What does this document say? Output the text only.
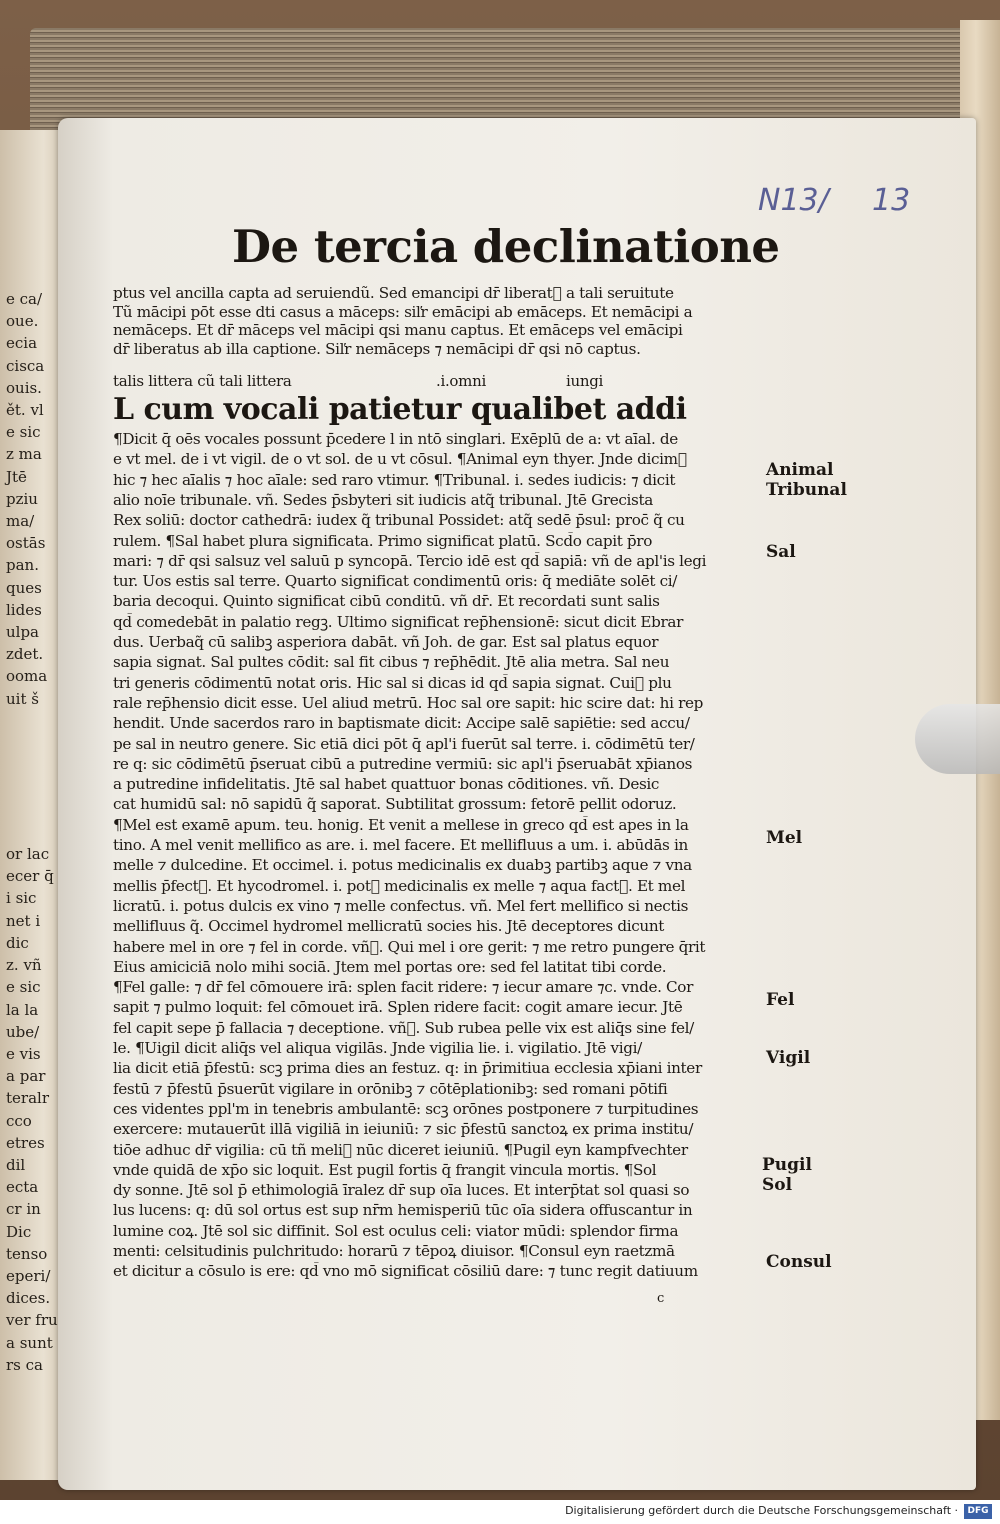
e ca/
oue.
ecia
cisca
ouis.
ět. vl
e sic
z ma
Jtē
pziu
ma/
ostās
pan.
ques
lides
ulpa
zdet.
ooma
uit š

or lac
ecer q̄
i sic
net i
dic
z. vñ
e sic
la la
ube/
e vis
a par
teralr
cco
etres
dil
ecta
cr in
Dic
tenso
eperi/
dices.
ver fru
a sunt
rs ca
N13/ 13
De tercia declinatione
ptus vel ancilla capta ad seruiendũ. Sed emancipi dr̄ liberat᷒ a tali seruitute
Tũ mācipi pōt esse dti casus a māceps: siľr emācipi ab emāceps. Et nemācipi a
nemāceps. Et dr̄ māceps vel mācipi qsi manu captus. Et emāceps vel emācipi
dr̄ liberatus ab illa captione. Siľr nemāceps ⁊ nemācipi dr̄ qsi nō captus.
talis littera cũ tali littera	.i.omni	iungi
L cum vocali patietur qualibet addi
¶Dicit q̄ oēs vocales possunt p̄cedere l in ntō singlari. Exēplū de a: vt aīal. de
e vt mel. de i vt vigil. de o vt sol. de u vt cōsul. ¶Animal eyn thyer. Jnde dicim᷒
hic ⁊ hec aīalis ⁊ hoc aīale: sed raro vtimur. ¶Tribunal. i. sedes iudicis: ⁊ dicit
alio noīe tribunale. vñ. Sedes p̄sbyteri sit iudicis atq̃ tribunal. Jtē Grecista
Rex soliū: doctor cathedrā: iudex q̃ tribunal Possidet: atq̃ sedē p̄sul: proc̄ q̃ cu
rulem. ¶Sal habet plura significata. Primo significat platū. Scd̄o capit p̄ro
mari: ⁊ dr̄ qsi salsuz vel saluū p syncopā. Tercio idē est qd̄ sapiā: vñ de apl'is legi
tur. Uos estis sal terre. Quarto significat condimentū oris: q̄ mediāte solēt ci/
baria decoqui. Quinto significat cibū conditū. vñ dr̄. Et recordati sunt salis
qd̄ comedebāt in palatio regꝫ. Ultimo significat rep̄hensionē: sicut dicit Ebrar
dus. Uerbaq̃ cū salibꝫ asperiora dabāt. vñ Joh. de gar. Est sal platus equor
sapia signat. Sal pultes cōdit: sal fit cibus ⁊ rep̄hēdit. Jtē alia metra. Sal neu
tri generis cōdimentū notat oris. Hic sal si dicas id qd̄ sapia signat. Cui᷒ plu
rale rep̄hensio dicit esse. Uel aliud metrū. Hoc sal ore sapit: hic scire dat: hi rep
hendit. Unde sacerdos raro in baptismate dicit: Accipe salē sapiētie: sed accu/
pe sal in neutro genere. Sic etiā dici pōt q̄ apl'i fuerūt sal terre. i. cōdimētū ter/
re q: sic cōdimētū p̄seruat cibū a putredine vermiū: sic apl'i p̄seruabāt xp̄ianos
a putredine infidelitatis. Jtē sal habet quattuor bonas cōditiones. vñ. Desic
cat humidū sal: nō sapidū q̃ saporat. Subtilitat grossum: fetorē pellit odoruz.
¶Mel est examē apum. teu. honig. Et venit a mellese in greco qd̄ est apes in la
tino. A mel venit mellifico as are. i. mel facere. Et mellifluus a um. i. abūdās in
melle ⁊ dulcedine. Et occimel. i. potus medicinalis ex duabꝫ partibꝫ aque ⁊ vna
mellis p̄fect᷒. Et hycodromel. i. pot᷒ medicinalis ex melle ⁊ aqua fact᷒. Et mel
licratū. i. potus dulcis ex vino ⁊ melle confectus. vñ. Mel fert mellifico si nectis
mellifluus q̃. Occimel hydromel mellicratū socies his. Jtē deceptores dicunt
habere mel in ore ⁊ fel in corde. vñ᷒. Qui mel i ore gerit: ⁊ me retro pungere q̄rit
Eius amiciciā nolo mihi sociā. Jtem mel portas ore: sed fel latitat tibi corde.
¶Fel galle: ⁊ dr̄ fel cōmouere irā: splen facit ridere: ⁊ iecur amare ⁊c. vnde. Cor
sapit ⁊ pulmo loquit: fel cōmouet irā. Splen ridere facit: cogit amare iecur. Jtē
fel capit sepe p̄ fallacia ⁊ deceptione. vñ᷒. Sub rubea pelle vix est aliq̄s sine fel/
le. ¶Uigil dicit aliq̄s vel aliqua vigilās. Jnde vigilia lie. i. vigilatio. Jtē vigi/
lia dicit etiā p̄festū: scꝫ prima dies an festuz. q: in p̄rimitiua ecclesia xp̄iani inter
festū ⁊ p̄festū p̄suerūt vigilare in orōnibꝫ ⁊ cōtēplationibꝫ: sed romani pōtifi
ces videntes ppl'm in tenebris ambulantē: scꝫ orōnes postponere ⁊ turpitudines
exercere: mutauerūt illā vigiliā in ieiuniū: ⁊ sic p̄festū sanctoꝝ ex prima institu/
tiōe adhuc dr̄ vigilia: cū tñ meli᷒ nūc diceret ieiuniū. ¶Pugil eyn kampfvechter
vnde quidā de xp̄o sic loquit. Est pugil fortis q̄ frangit vincula mortis. ¶Sol
dy sonne. Jtē sol p̄ ethimologiā īralez dr̄ sup oīa luces. Et interp̄tat sol quasi so
lus lucens: q: dū sol ortus est sup nr̄m hemisperiū tūc oīa sidera offuscantur in
lumine coꝝ. Jtē sol sic diffinit. Sol est oculus celi: viator mūdi: splendor firma
menti: celsitudinis pulchritudo: horarū ⁊ tēpoꝝ diuisor. ¶Consul eyn raetzmā
et dicitur a cōsulo is ere: qd̄ vno mō significat cōsiliū dare: ⁊ tunc regit datiuum
Animal
Tribunal
Sal
Mel
Fel
Vigil
Pugil
Sol
Consul
c
Digitalisierung gefördert durch die Deutsche Forschungsgemeinschaft ·	DFG
